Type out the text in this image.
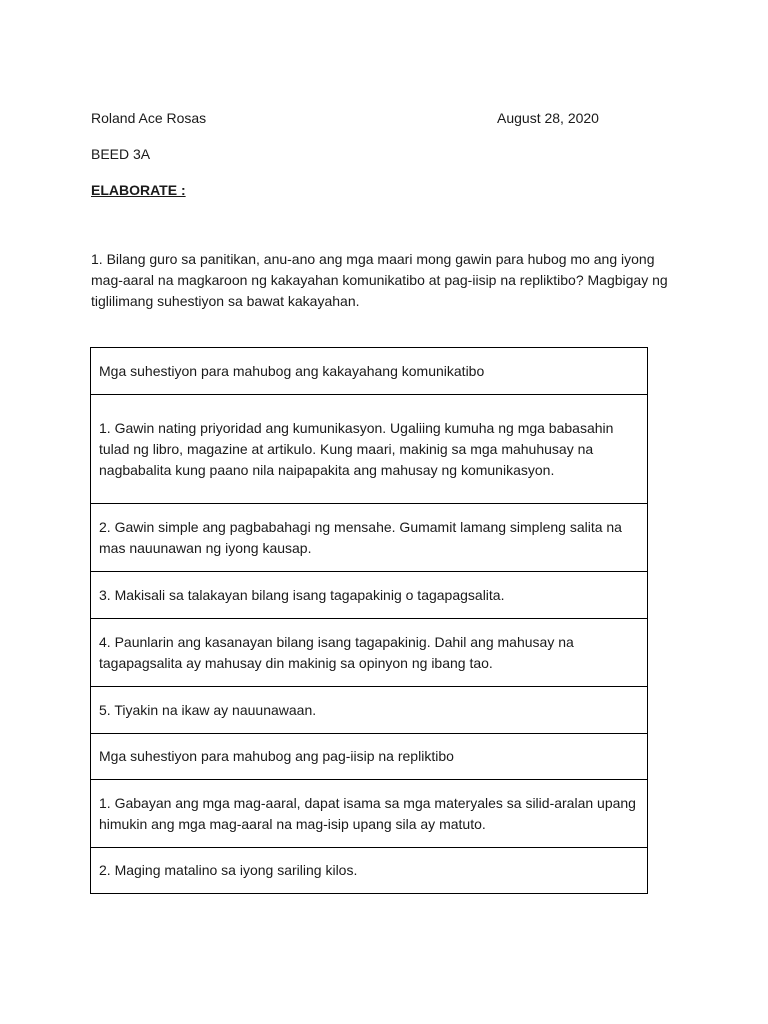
Roland Ace Rosas	August 28, 2020
BEED 3A
ELABORATE :
1. Bilang guro sa panitikan, anu-ano ang mga maari mong gawin para hubog mo ang iyong mag-aaral na magkaroon ng kakayahan komunikatibo at pag-iisip na repliktibo? Magbigay ng tiglilimang suhestiyon sa bawat kakayahan.
Mga suhestiyon para mahubog ang kakayahang komunikatibo
1. Gawin nating priyoridad ang kumunikasyon. Ugaliing kumuha ng mga babasahin tulad ng libro, magazine at artikulo. Kung maari, makinig sa mga mahuhusay na nagbabalita kung paano nila naipapakita ang mahusay ng komunikasyon.
2. Gawin simple ang pagbabahagi ng mensahe. Gumamit lamang simpleng salita na mas nauunawan ng iyong kausap.
3. Makisali sa talakayan bilang isang tagapakinig o tagapagsalita.
4. Paunlarin ang kasanayan bilang isang tagapakinig. Dahil ang mahusay na tagapagsalita ay mahusay din makinig sa opinyon ng ibang tao.
5. Tiyakin na ikaw ay nauunawaan.
Mga suhestiyon para mahubog ang pag-iisip na repliktibo
1. Gabayan ang mga mag-aaral, dapat isama sa mga materyales sa silid-aralan upang himukin ang mga mag-aaral na mag-isip upang sila ay matuto.
2. Maging matalino sa iyong sariling kilos.
